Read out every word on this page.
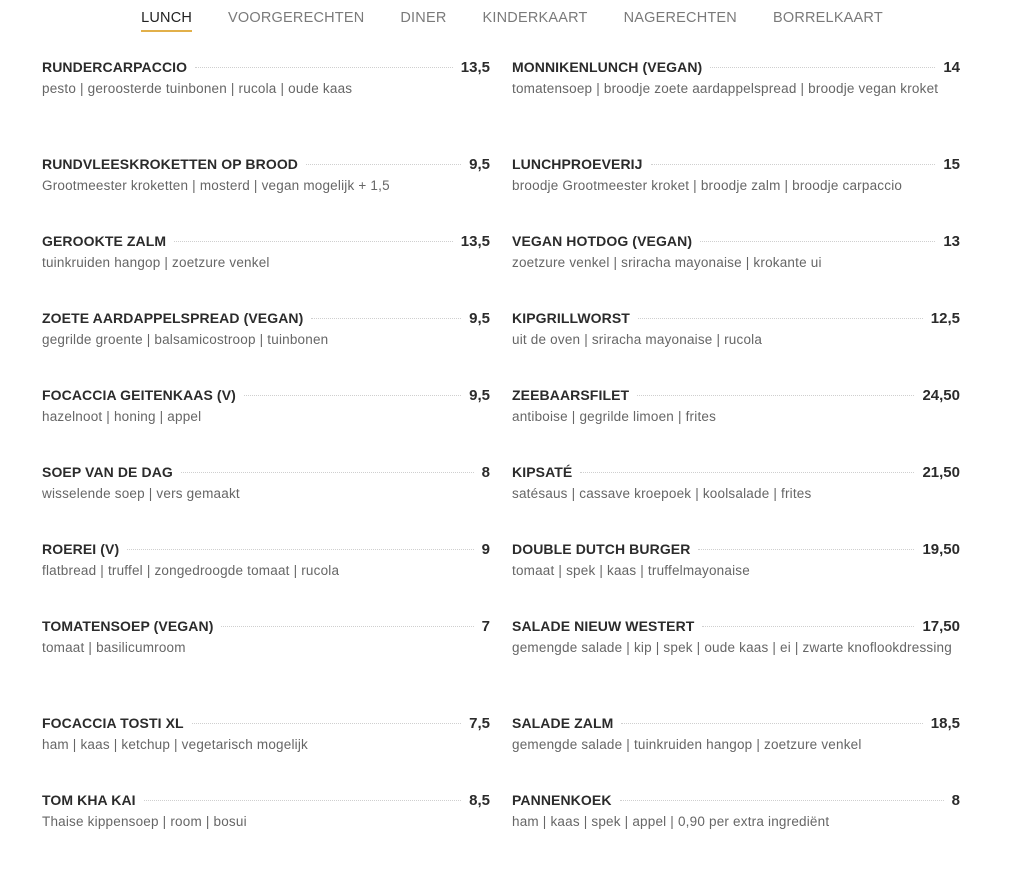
LUNCH VOORGERECHTEN DINER KINDERKAART NAGERECHTEN BORRELKAART
RUNDERCARPACCIO	13,5
pesto | geroosterde tuinbonen | rucola | oude kaas
MONNIKENLUNCH (VEGAN)	14
tomatensoep | broodje zoete aardappelspread | broodje vegan kroket
RUNDVLEESKROKETTEN OP BROOD	9,5
Grootmeester kroketten | mosterd | vegan mogelijk + 1,5
LUNCHPROEVERIJ	15
broodje Grootmeester kroket | broodje zalm | broodje carpaccio
GEROOKTE ZALM	13,5
tuinkruiden hangop | zoetzure venkel
VEGAN HOTDOG (VEGAN)	13
zoetzure venkel | sriracha mayonaise | krokante ui
ZOETE AARDAPPELSPREAD (VEGAN)	9,5
gegrilde groente | balsamicostroop | tuinbonen
KIPGRILLWORST	12,5
uit de oven | sriracha mayonaise | rucola
FOCACCIA GEITENKAAS (V)	9,5
hazelnoot | honing | appel
ZEEBAARSFILET	24,50
antiboise | gegrilde limoen | frites
SOEP VAN DE DAG	8
wisselende soep | vers gemaakt
KIPSATÉ	21,50
satésaus | cassave kroepoek | koolsalade | frites
ROEREI (V)	9
flatbread | truffel | zongedroogde tomaat | rucola
DOUBLE DUTCH BURGER	19,50
tomaat | spek | kaas | truffelmayonaise
TOMATENSOEP (VEGAN)	7
tomaat | basilicumroom
SALADE NIEUW WESTERT	17,50
gemengde salade | kip | spek | oude kaas | ei | zwarte knoflookdressing
FOCACCIA TOSTI XL	7,5
ham | kaas | ketchup | vegetarisch mogelijk
SALADE ZALM	18,5
gemengde salade | tuinkruiden hangop | zoetzure venkel
TOM KHA KAI	8,5
Thaise kippensoep | room | bosui
PANNENKOEK	8
ham | kaas | spek | appel | 0,90 per extra ingrediënt
